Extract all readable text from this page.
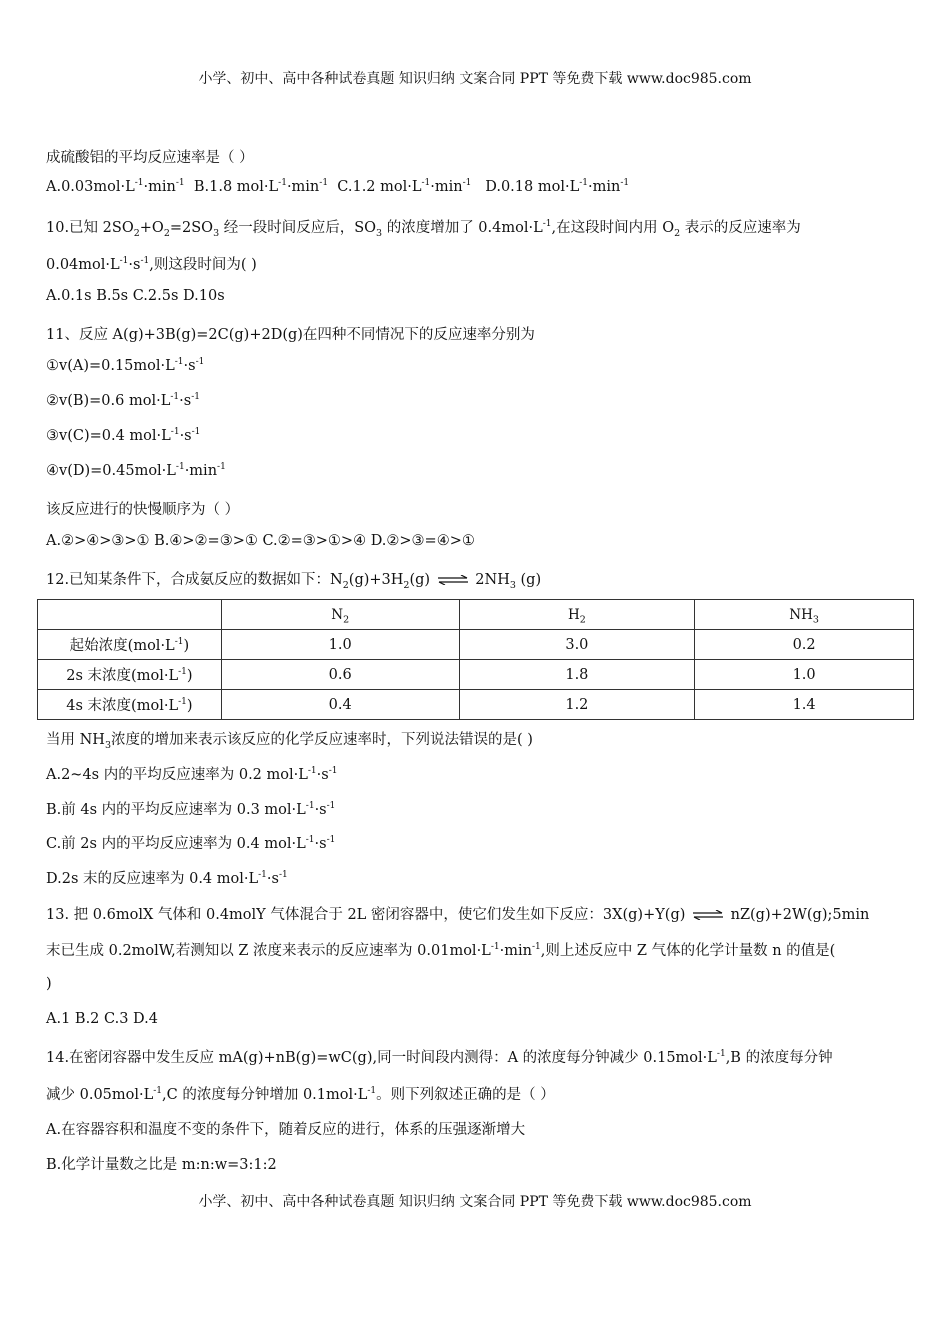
小学、初中、高中各种试卷真题 知识归纳 文案合同 PPT 等免费下载 www.doc985.com
成硫酸铝的平均反应速率是（ ）
$A.0.03mol\cdot L^{-1}\cdot\min^{-1}$ B.1.8 $mol\cdot L^{-1}\cdot\min^{-1}$ C.1.2 $mol\cdot L^{-1}\cdot\min^{-1}$ D.0.18 $mol\cdot L^{-1}\cdot\min^{-1}$
10.已知 $2SO_2+O_2=2SO_3$ 经一段时间反应后，$SO_3$ 的浓度增加了 $0.4mol\cdot L^{-1}$,在这段时间内用 $O_2$ 表示的反应速率为
$0.04mol\cdot L^{-1}\cdot s^{-1}$,则这段时间为( )
A.0.1s B.5s C.2.5s D.10s
11、反应 A(g)+3B(g)=2C(g)+2D(g)在四种不同情况下的反应速率分别为
$①v(A)=0.15mol\cdot L^{-1}\cdot s^{-1}$
②v(B)=0.6 $mol\cdot L^{-1}\cdot s^{-1}$
③v(C)=0.4 $mol\cdot L^{-1}\cdot s^{-1}$
$④v(D)=0.45mol\cdot L^{-1}\cdot\min^{-1}$
该反应进行的快慢顺序为（ ）
A.②>④>③>① B.④>②=③>① C.②=③>①>④ D.②>③=④>①
12.已知某条件下，合成氨反应的数据如下：$N_2(g)+3H_2(g)$ ⇌ $2NH_3$ (g)
	$N_2$	$H_2$	$NH_3$
起始浓度$(mol\cdot L^{-1})$	1.0	3.0	0.2
2s 末浓度$(mol\cdot L^{-1})$	0.6	1.8	1.0
4s 末浓度$(mol\cdot L^{-1})$	0.4	1.2	1.4
当用 $NH_3$浓度的增加来表示该反应的化学反应速率时，下列说法错误的是( )
A.2~4s 内的平均反应速率为 0.2 $mol\cdot L^{-1}\cdot s^{-1}$
B.前 4s 内的平均反应速率为 0.3 $mol\cdot L^{-1}\cdot s^{-1}$
C.前 2s 内的平均反应速率为 0.4 $mol\cdot L^{-1}\cdot s^{-1}$
D.2s 末的反应速率为 0.4 $mol\cdot L^{-1}\cdot s^{-1}$
13. 把 0.6molX 气体和 0.4molY 气体混合于 2L 密闭容器中，使它们发生如下反应：3X(g)+Y(g) ⇌ nZ(g)+2W(g);5min
末已生成 0.2molW,若测知以 Z 浓度来表示的反应速率为 $0.01mol\cdot L^{-1}\cdot\min^{-1}$,则上述反应中 Z 气体的化学计量数 n 的值是(
)
A.1 B.2 C.3 D.4
14.在密闭容器中发生反应 mA(g)+nB(g)=wC(g),同一时间段内测得：A 的浓度每分钟减少 $0.15mol\cdot L^{-1},B$ 的浓度每分钟
减少 $0.05mol\cdot L^{-1},C$ 的浓度每分钟增加 $0.1mol\cdot L^{-1}$。则下列叙述正确的是（ ）
A.在容器容积和温度不变的条件下，随着反应的进行，体系的压强逐渐增大
B.化学计量数之比是 m:n:w=3:1:2
小学、初中、高中各种试卷真题 知识归纳 文案合同 PPT 等免费下载 www.doc985.com
